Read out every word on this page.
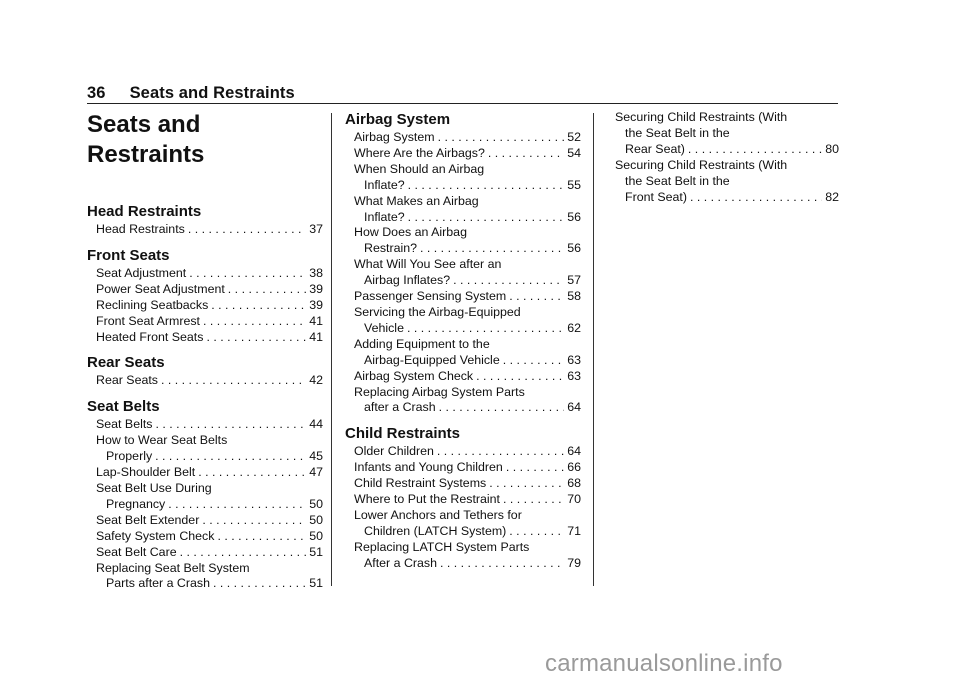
36 Seats and Restraints
Seats and
Restraints
Head Restraints
Head Restraints . . .	37
Front Seats
Seat Adjustment . . .	38
Power Seat Adjustment . . .	39
Reclining Seatbacks . . .	39
Front Seat Armrest . . .	41
Heated Front Seats . . .	41
Rear Seats
Rear Seats . . .	42
Seat Belts
Seat Belts . . .	44
How to Wear Seat Belts
Properly . . .	45
Lap-Shoulder Belt . . .	47
Seat Belt Use During
Pregnancy . . .	50
Seat Belt Extender . . .	50
Safety System Check . . .	50
Seat Belt Care . . .	51
Replacing Seat Belt System
Parts after a Crash . . .	51
Airbag System
Airbag System . . .	52
Where Are the Airbags? . . .	54
When Should an Airbag
Inflate? . . .	55
What Makes an Airbag
Inflate? . . .	56
How Does an Airbag
Restrain? . . .	56
What Will You See after an
Airbag Inflates? . . .	57
Passenger Sensing System . . .	58
Servicing the Airbag-Equipped
Vehicle . . .	62
Adding Equipment to the
Airbag-Equipped Vehicle . . .	63
Airbag System Check . . .	63
Replacing Airbag System Parts
after a Crash . . .	64
Child Restraints
Older Children . . .	64
Infants and Young Children . . .	66
Child Restraint Systems . . .	68
Where to Put the Restraint . . .	70
Lower Anchors and Tethers for
Children (LATCH System) . . .	71
Replacing LATCH System Parts
After a Crash . . .	79
Securing Child Restraints (With
the Seat Belt in the
Rear Seat) . . .	80
Securing Child Restraints (With
the Seat Belt in the
Front Seat) . . .	82
carmanualsonline.info
